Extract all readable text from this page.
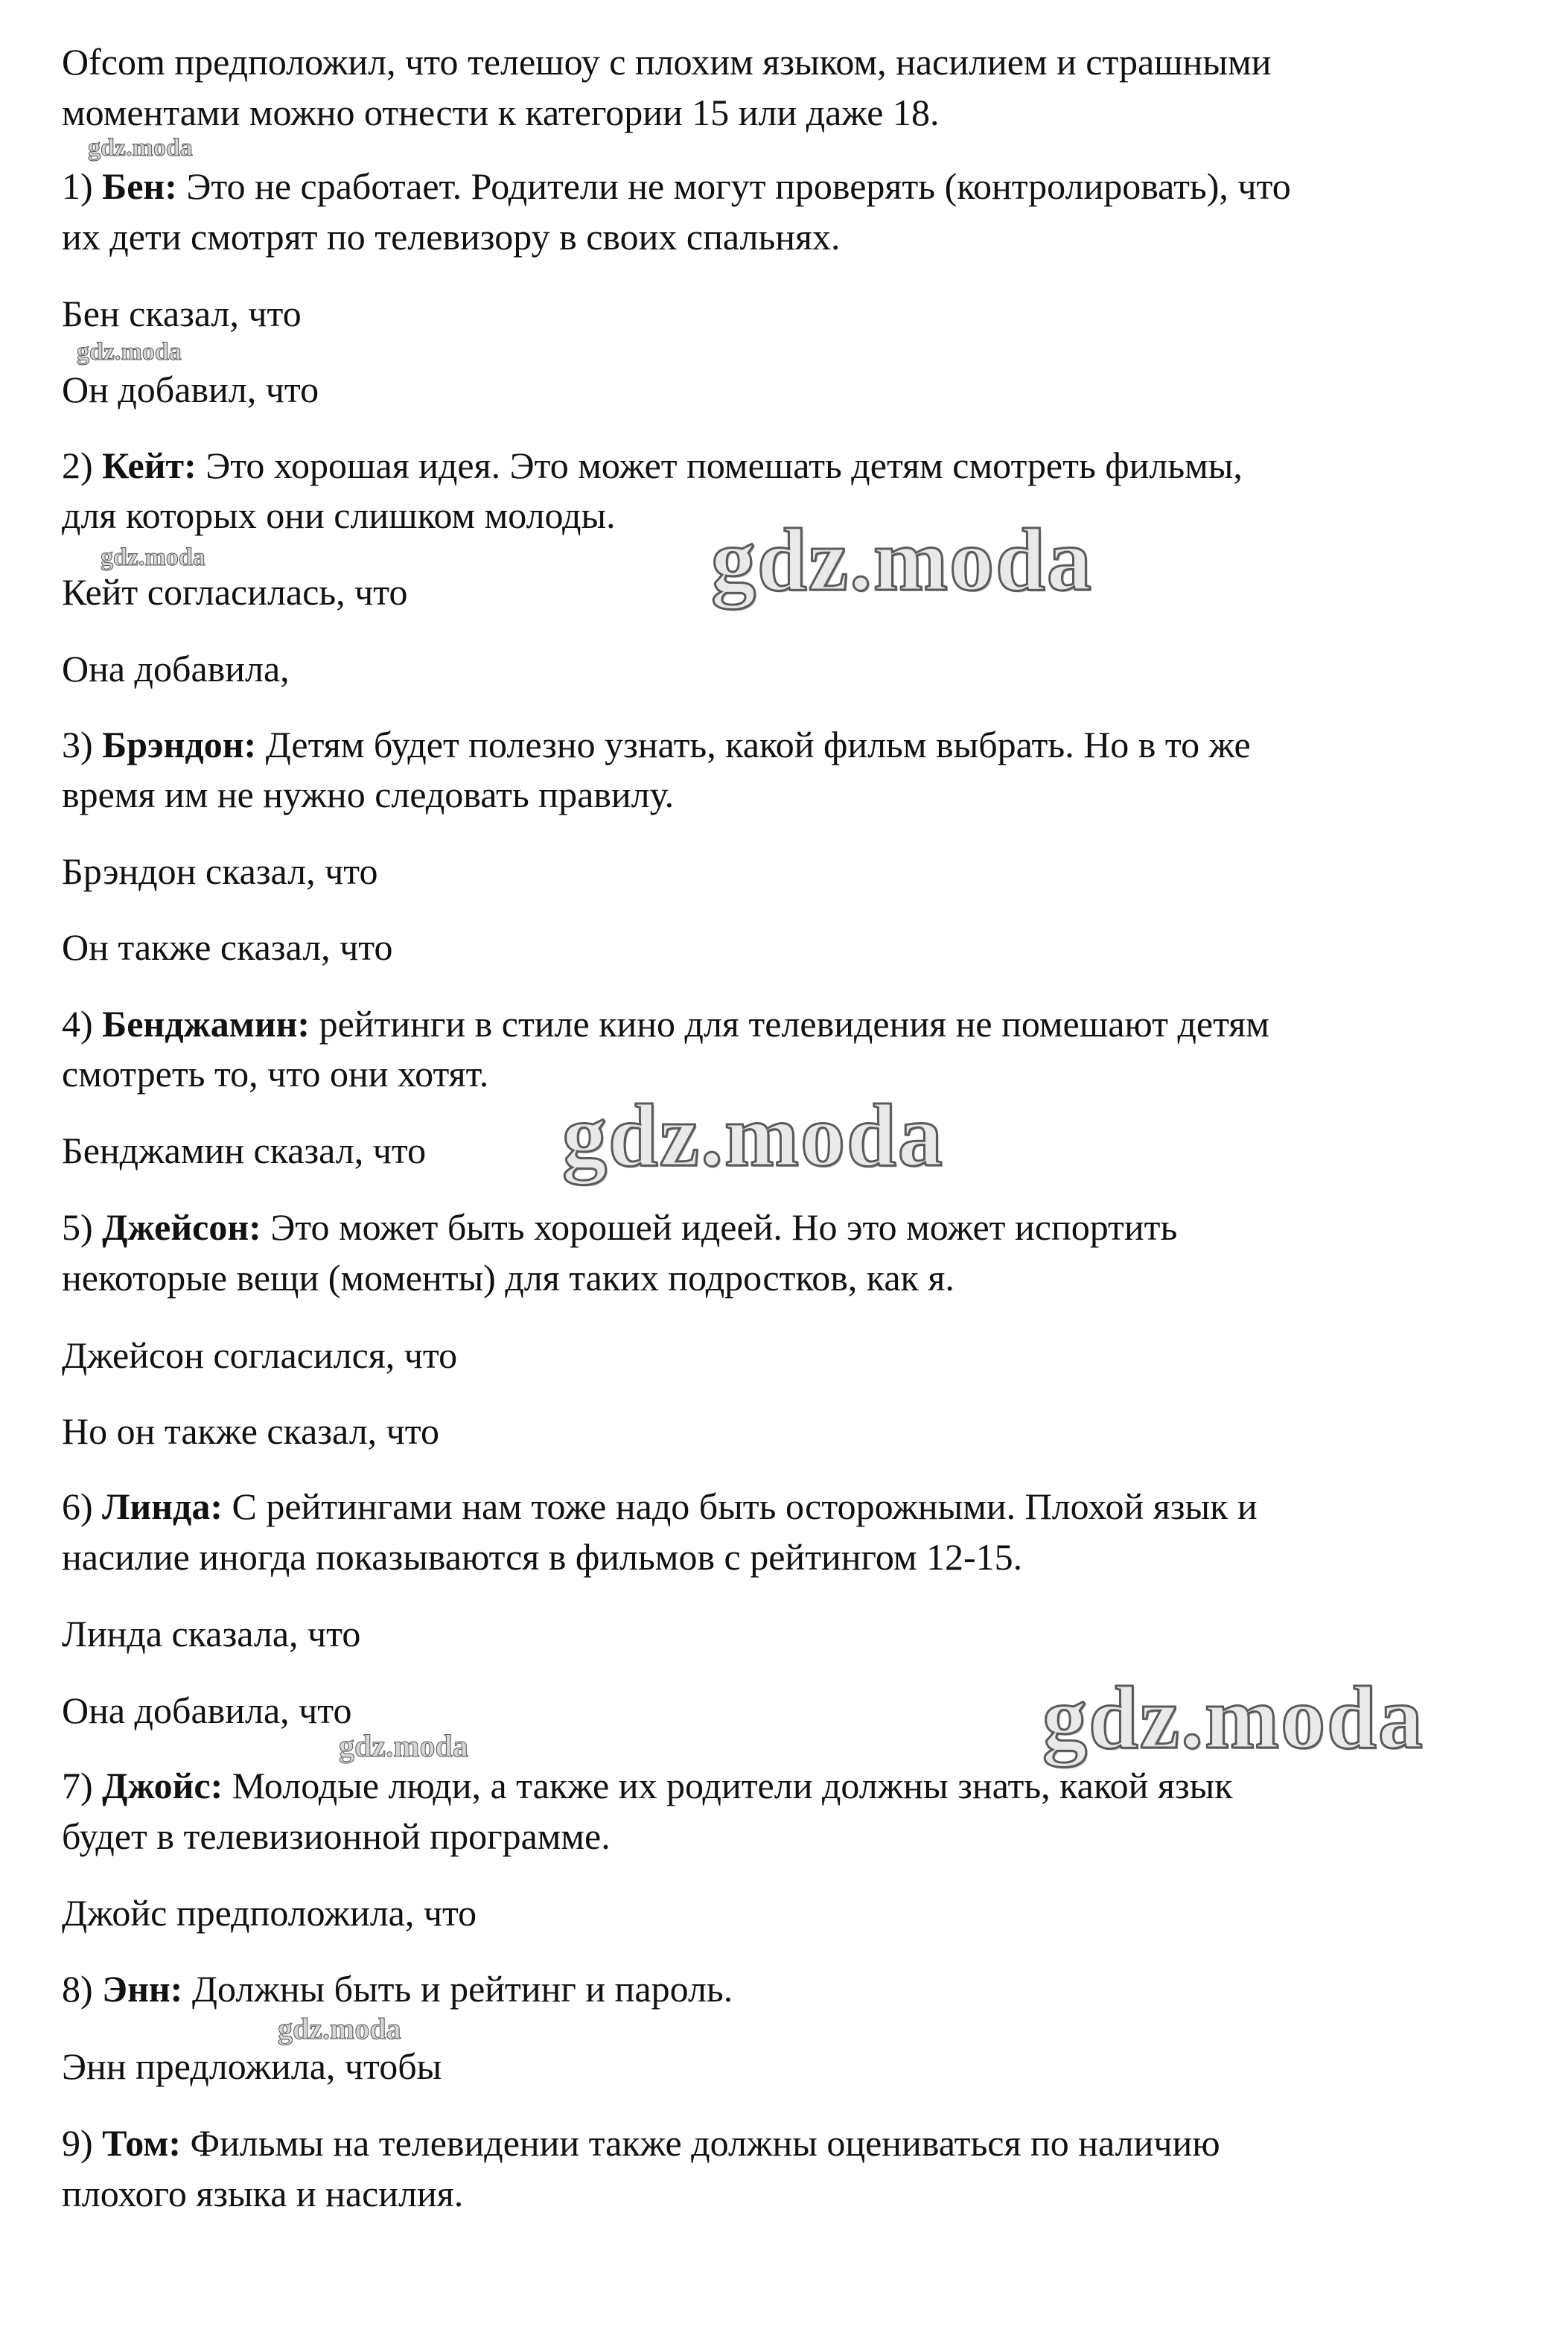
Ofcom предположил, что телешоу с плохим языком, насилием и страшными
моментами можно отнести к категории 15 или даже 18.
1) Бен: Это не сработает. Родители не могут проверять (контролировать), что
их дети смотрят по телевизору в своих спальнях.
Бен сказал, что
Он добавил, что
2) Кейт: Это хорошая идея. Это может помешать детям смотреть фильмы,
для которых они слишком молоды.
Кейт согласилась, что
Она добавила,
3) Брэндон: Детям будет полезно узнать, какой фильм выбрать. Но в то же
время им не нужно следовать правилу.
Брэндон сказал, что
Он также сказал, что
4) Бенджамин: рейтинги в стиле кино для телевидения не помешают детям
смотреть то, что они хотят.
Бенджамин сказал, что
5) Джейсон: Это может быть хорошей идеей. Но это может испортить
некоторые вещи (моменты) для таких подростков, как я.
Джейсон согласился, что
Но он также сказал, что
6) Линда: С рейтингами нам тоже надо быть осторожными. Плохой язык и
насилие иногда показываются в фильмов с рейтингом 12-15.
Линда сказала, что
Она добавила, что
7) Джойс: Молодые люди, а также их родители должны знать, какой язык
будет в телевизионной программе.
Джойс предположила, что
8) Энн: Должны быть и рейтинг и пароль.
Энн предложила, чтобы
9) Том: Фильмы на телевидении также должны оцениваться по наличию
плохого языка и насилия.
gdz.moda
gdz.moda
gdz.moda	gdz.moda
gdz.moda
gdz.moda
gdz.moda
gdz.moda
